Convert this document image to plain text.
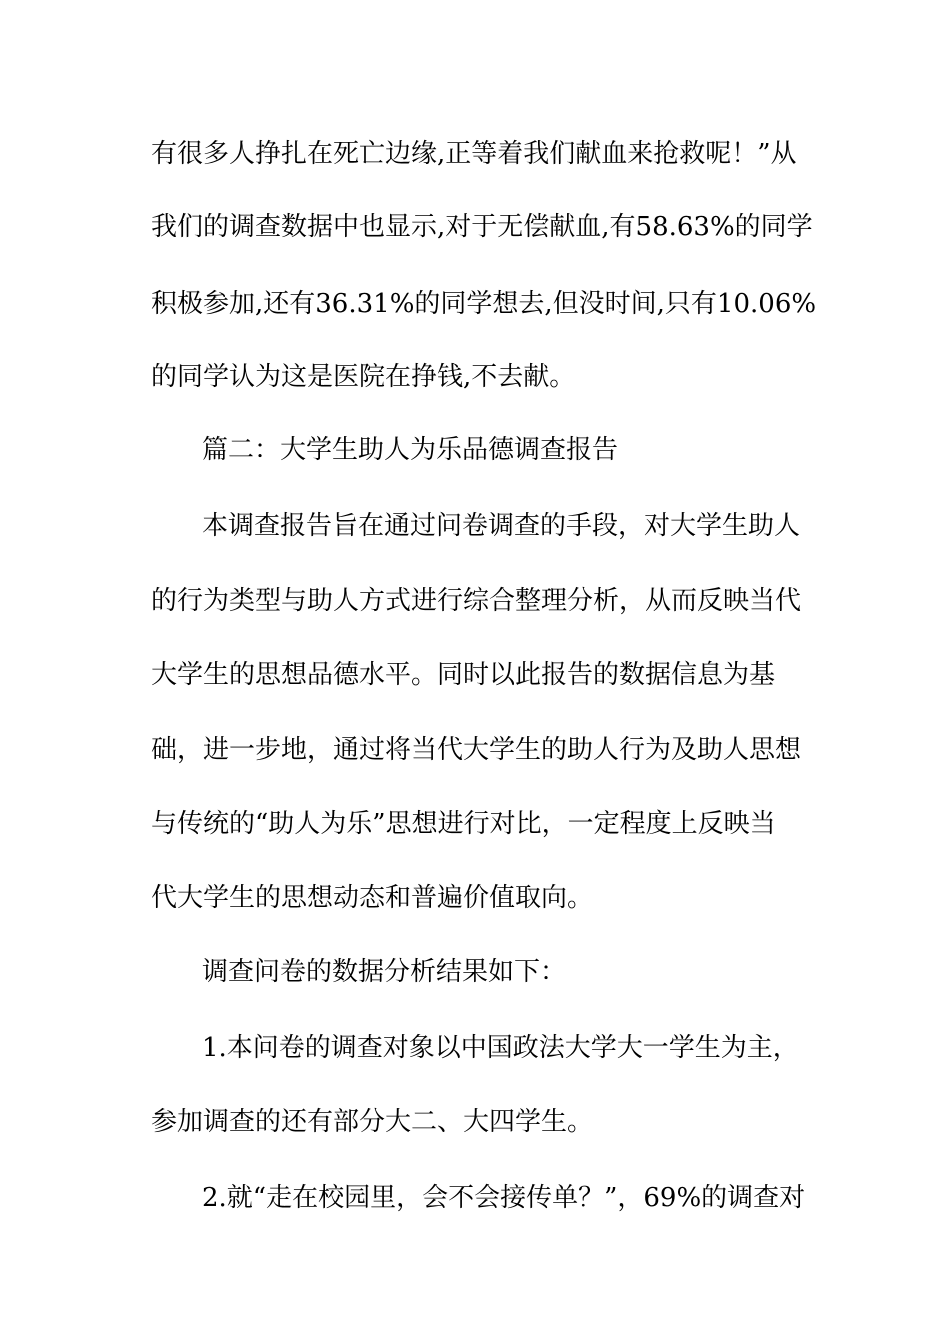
有很多人挣扎在死亡边缘,正等着我们献血来抢救呢！”从
我们的调查数据中也显示,对于无偿献血,有58.63%的同学
积极参加,还有36.31%的同学想去,但没时间,只有10.06%
的同学认为这是医院在挣钱,不去献。
篇二：大学生助人为乐品德调查报告
本调查报告旨在通过问卷调查的手段，对大学生助人
的行为类型与助人方式进行综合整理分析，从而反映当代
大学生的思想品德水平。同时以此报告的数据信息为基
础，进一步地，通过将当代大学生的助人行为及助人思想
与传统的“助人为乐”思想进行对比，一定程度上反映当
代大学生的思想动态和普遍价值取向。
调查问卷的数据分析结果如下：
1.本问卷的调查对象以中国政法大学大一学生为主，
参加调查的还有部分大二、大四学生。
2.就“走在校园里，会不会接传单？”，69%的调查对
